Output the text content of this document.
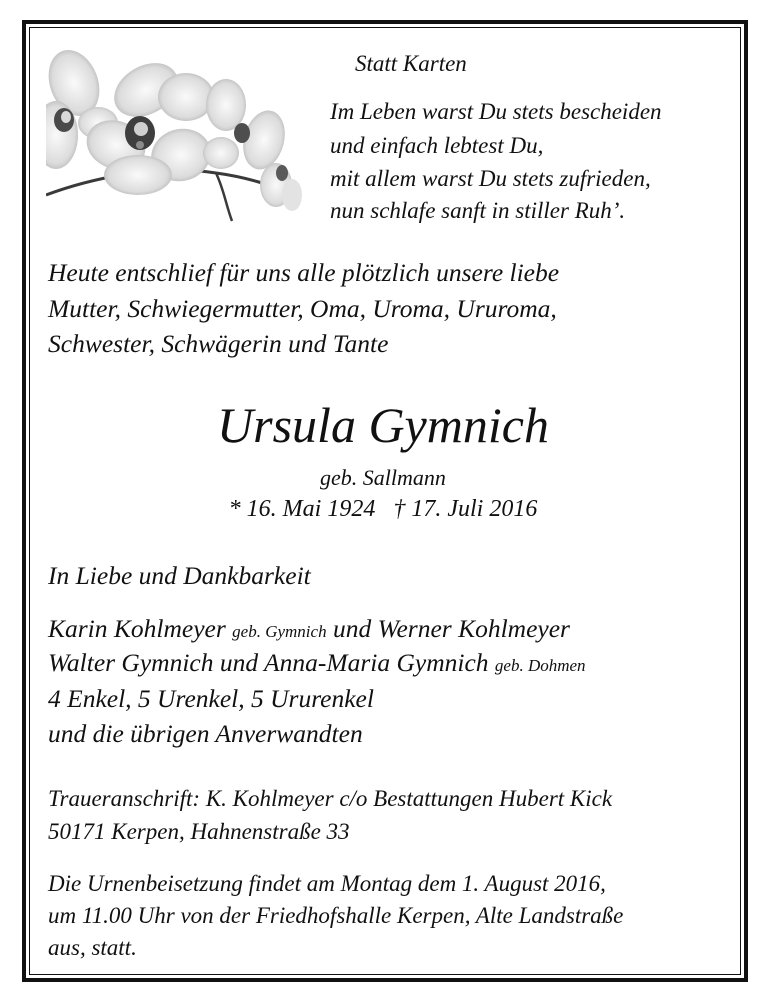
Statt Karten
Im Leben warst Du stets bescheiden
und einfach lebtest Du,
mit allem warst Du stets zufrieden,
nun schlafe sanft in stiller Ruh’.
Heute entschlief für uns alle plötzlich unsere liebe
Mutter, Schwiegermutter, Oma, Uroma, Ururoma,
Schwester, Schwägerin und Tante
Ursula Gymnich
geb. Sallmann
* 16. Mai 1924   † 17. Juli 2016
In Liebe und Dankbarkeit
Karin Kohlmeyer geb. Gymnich und Werner Kohlmeyer
Walter Gymnich und Anna-Maria Gymnich geb. Dohmen
4 Enkel, 5 Urenkel, 5 Ururenkel
und die übrigen Anverwandten
Traueranschrift: K. Kohlmeyer c/o Bestattungen Hubert Kick
50171 Kerpen, Hahnenstraße 33
Die Urnenbeisetzung findet am Montag dem 1. August 2016,
um 11.00 Uhr von der Friedhofshalle Kerpen, Alte Landstraße
aus, statt.
